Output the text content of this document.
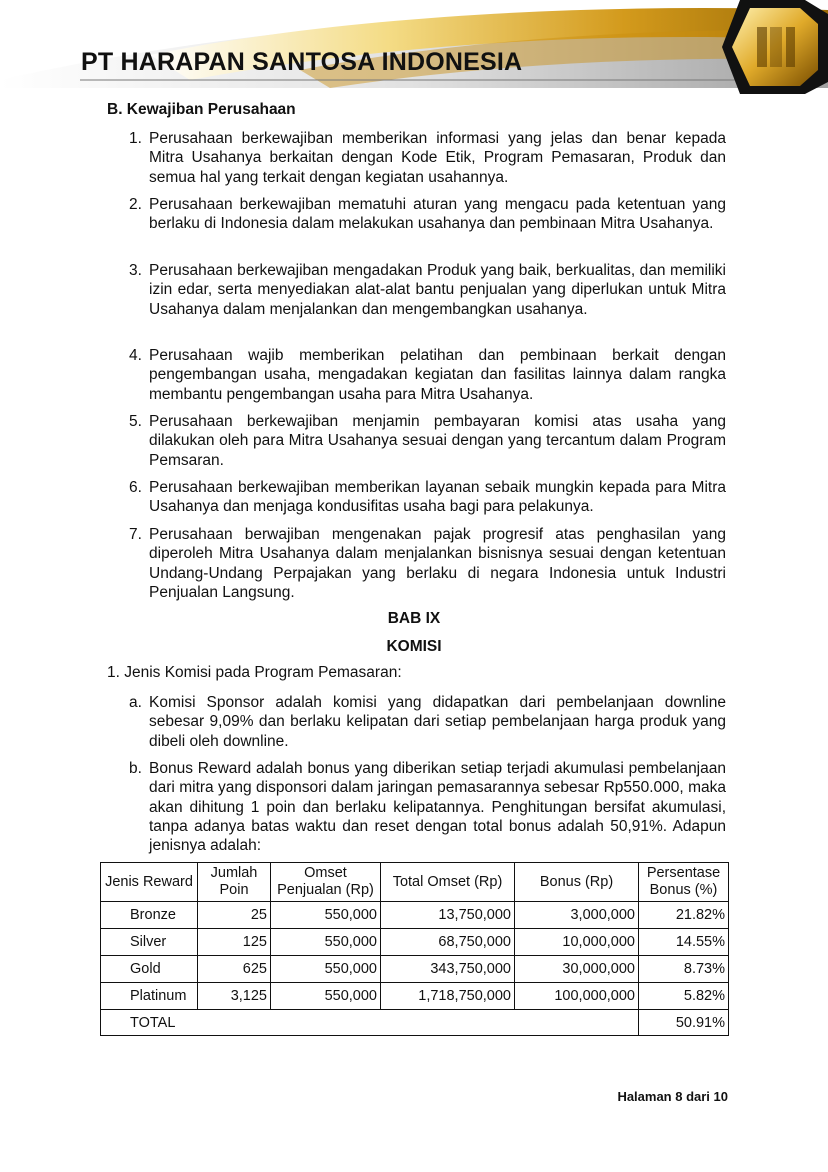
PT HARAPAN SANTOSA INDONESIA
B. Kewajiban Perusahaan
1. Perusahaan berkewajiban memberikan informasi yang jelas dan benar kepada Mitra Usahanya berkaitan dengan Kode Etik, Program Pemasaran, Produk dan semua hal yang terkait dengan kegiatan usahannya.
2. Perusahaan berkewajiban mematuhi aturan yang mengacu pada ketentuan yang berlaku di Indonesia dalam melakukan usahanya dan pembinaan Mitra Usahanya.
3. Perusahaan berkewajiban mengadakan Produk yang baik, berkualitas, dan memiliki izin edar, serta menyediakan alat-alat bantu penjualan yang diperlukan untuk Mitra Usahanya dalam menjalankan dan mengembangkan usahanya.
4. Perusahaan wajib memberikan pelatihan dan pembinaan berkait dengan pengembangan usaha, mengadakan kegiatan dan fasilitas lainnya dalam rangka membantu pengembangan usaha para Mitra Usahanya.
5. Perusahaan berkewajiban menjamin pembayaran komisi atas usaha yang dilakukan oleh para Mitra Usahanya sesuai dengan yang tercantum dalam Program Pemsaran.
6. Perusahaan berkewajiban memberikan layanan sebaik mungkin kepada para Mitra Usahanya dan menjaga kondusifitas usaha bagi para pelakunya.
7. Perusahaan berwajiban mengenakan pajak progresif atas penghasilan yang diperoleh Mitra Usahanya dalam menjalankan bisnisnya sesuai dengan ketentuan Undang-Undang Perpajakan yang berlaku di negara Indonesia untuk Industri Penjualan Langsung.
BAB IX
KOMISI
1. Jenis Komisi pada Program Pemasaran:
a. Komisi Sponsor adalah komisi yang didapatkan dari pembelanjaan downline sebesar 9,09% dan berlaku kelipatan dari setiap pembelanjaan harga produk yang dibeli oleh downline.
b. Bonus Reward adalah bonus yang diberikan setiap terjadi akumulasi pembelanjaan dari mitra yang disponsori dalam jaringan pemasarannya sebesar Rp550.000, maka akan dihitung 1 poin dan berlaku kelipatannya. Penghitungan bersifat akumulasi, tanpa adanya batas waktu dan reset dengan total bonus adalah 50,91%. Adapun jenisnya adalah:
Jenis Reward	Jumlah Poin	Omset Penjualan (Rp)	Total Omset (Rp)	Bonus (Rp)	Persentase Bonus (%)
Bronze	25	550,000	13,750,000	3,000,000	21.82%
Silver	125	550,000	68,750,000	10,000,000	14.55%
Gold	625	550,000	343,750,000	30,000,000	8.73%
Platinum	3,125	550,000	1,718,750,000	100,000,000	5.82%
TOTAL					50.91%
Halaman 8 dari 10
